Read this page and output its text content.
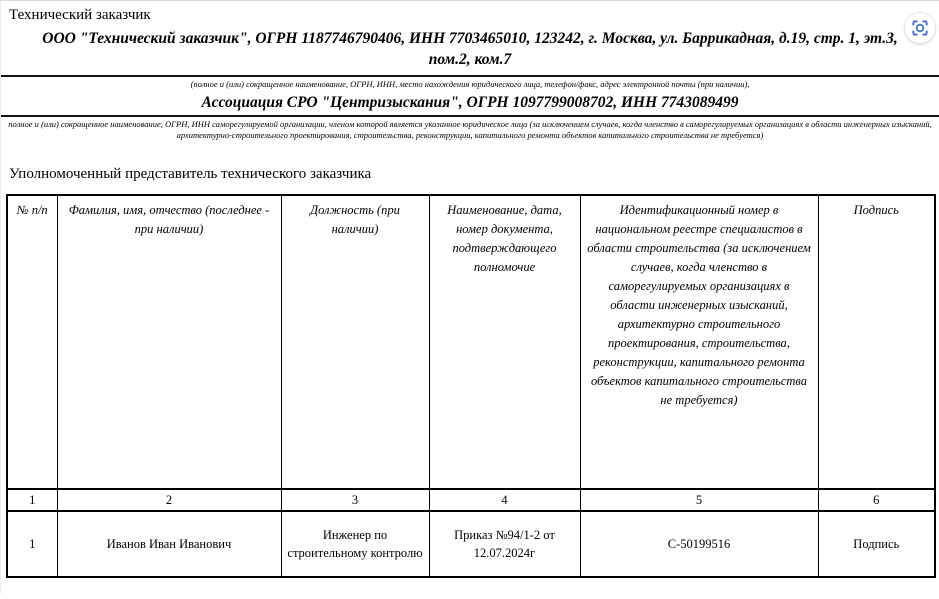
Технический заказчик
ООО "Технический заказчик", ОГРН 1187746790406, ИНН 7703465010, 123242, г. Москва, ул. Баррикадная, д.19, стр. 1, эт.3, пом.2, ком.7
(полное и (или) сокращенное наименование, ОГРН, ИНН, место нахождения юридического лица, телефон/факс, адрес электронной почты (при наличии),
Ассоциация СРО "Центризыскания", ОГРН 1097799008702, ИНН 7743089499
полное и (или) сокращенное наименование, ОГРН, ИНН саморегулируемой организации, членом которой является указанное юридическое лицо (за исключением случаев, когда членство в саморегулируемых организациях в области инженерных изысканий, архитектурно-строительного проектирования, строительства, реконструкции, капитального ремонта объектов капитального строительства не требуется)
Уполномоченный представитель технического заказчика
№ п/п	Фамилия, имя, отчество (последнее - при наличии)	Должность (при наличии)	Наименование, дата, номер документа, подтверждающего полномочие	Идентификационный номер в национальном реестре специалистов в области строительства (за исключением случаев, когда членство в саморегулируемых организациях в области инженерных изысканий, архитектурно строительного проектирования, строительства, реконструкции, капитального ремонта объектов капитального строительства не требуется)	Подпись
1	2	3	4	5	6
1	Иванов Иван Иванович	Инженер по строительному контролю	Приказ №94/1-2 от 12.07.2024г	С-50199516	Подпись
